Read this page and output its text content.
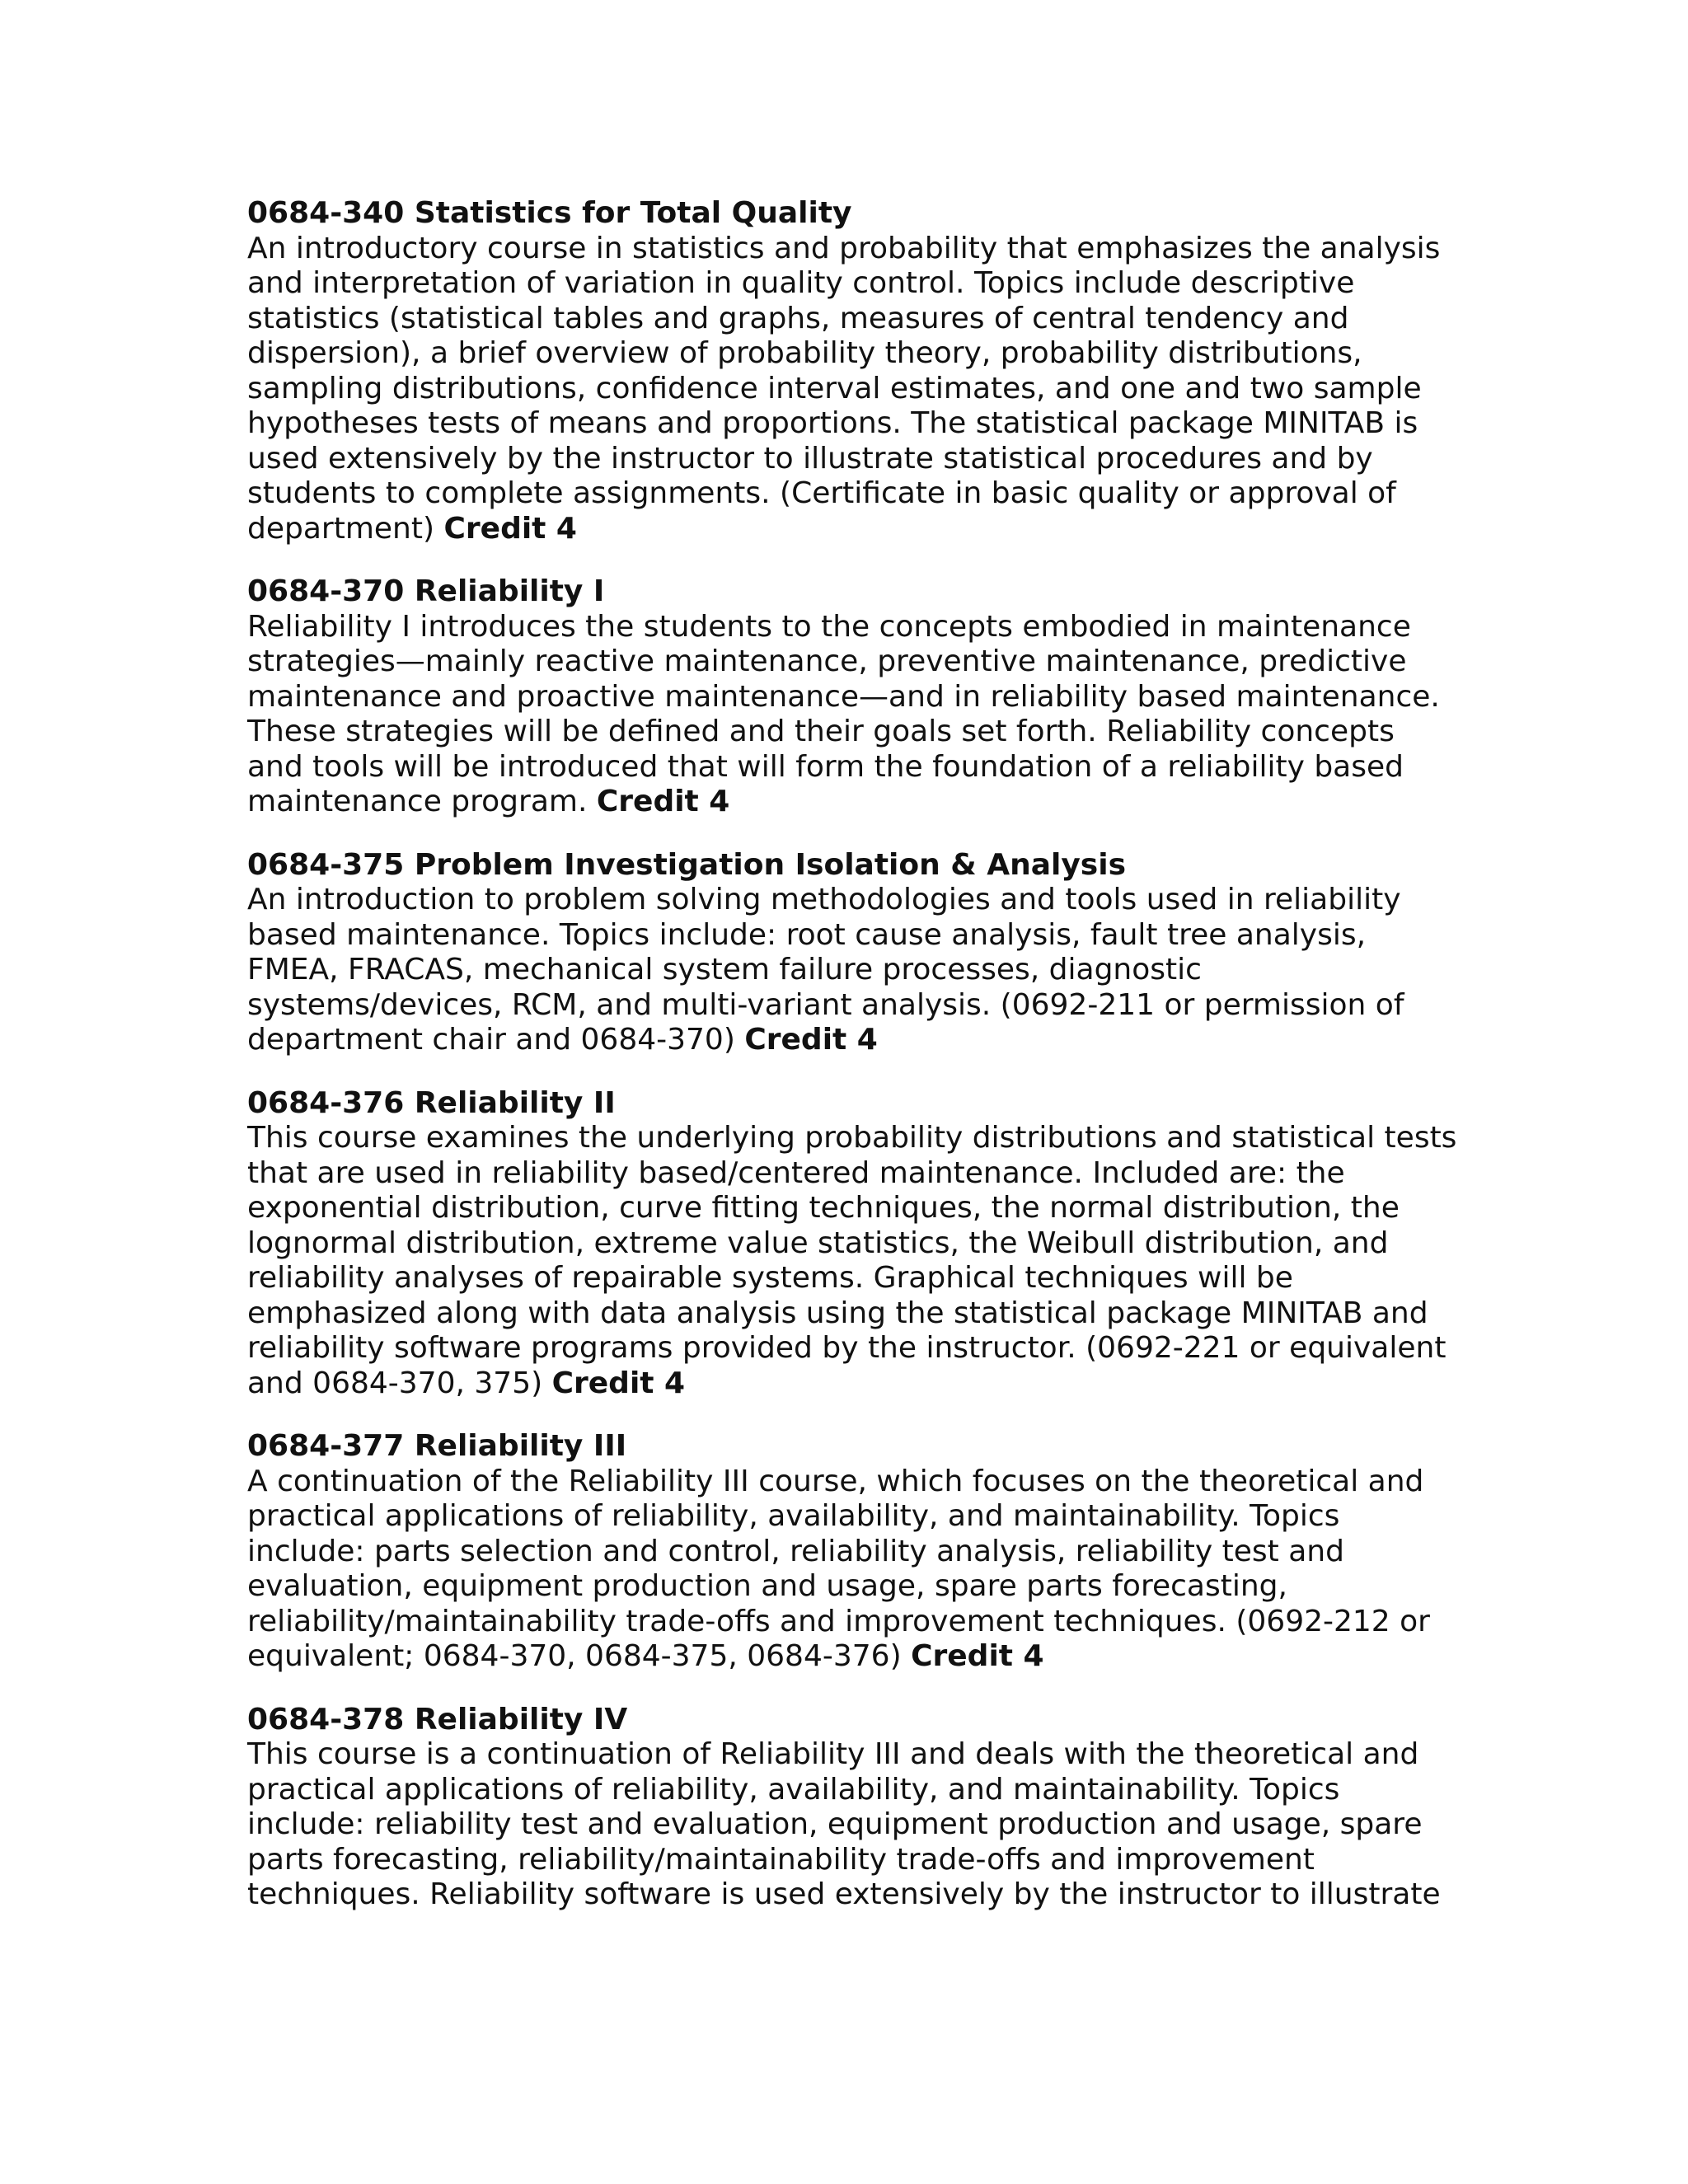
0684-340 Statistics for Total Quality
An introductory course in statistics and probability that emphasizes the analysis and interpretation of variation in quality control. Topics include descriptive statistics (statistical tables and graphs, measures of central tendency and dispersion), a brief overview of probability theory, probability distributions, sampling distributions, confidence interval estimates, and one and two sample hypotheses tests of means and proportions. The statistical package MINITAB is used extensively by the instructor to illustrate statistical procedures and by students to complete assignments. (Certificate in basic quality or approval of department) Credit 4
0684-370 Reliability I
Reliability I introduces the students to the concepts embodied in maintenance strategies—mainly reactive maintenance, preventive maintenance, predictive maintenance and proactive maintenance—and in reliability based maintenance. These strategies will be defined and their goals set forth. Reliability concepts and tools will be introduced that will form the foundation of a reliability based maintenance program. Credit 4
0684-375 Problem Investigation Isolation & Analysis
An introduction to problem solving methodologies and tools used in reliability based maintenance. Topics include: root cause analysis, fault tree analysis, FMEA, FRACAS, mechanical system failure processes, diagnostic systems/devices, RCM, and multi-variant analysis. (0692-211 or permission of department chair and 0684-370) Credit 4
0684-376 Reliability II
This course examines the underlying probability distributions and statistical tests that are used in reliability based/centered maintenance. Included are: the exponential distribution, curve fitting techniques, the normal distribution, the lognormal distribution, extreme value statistics, the Weibull distribution, and reliability analyses of repairable systems. Graphical techniques will be emphasized along with data analysis using the statistical package MINITAB and reliability software programs provided by the instructor. (0692-221 or equivalent and 0684-370, 375) Credit 4
0684-377 Reliability III
A continuation of the Reliability III course, which focuses on the theoretical and practical applications of reliability, availability, and maintainability. Topics include: parts selection and control, reliability analysis, reliability test and evaluation, equipment production and usage, spare parts forecasting, reliability/maintainability trade-offs and improvement techniques. (0692-212 or equivalent; 0684-370, 0684-375, 0684-376) Credit 4
0684-378 Reliability IV
This course is a continuation of Reliability III and deals with the theoretical and practical applications of reliability, availability, and maintainability. Topics include: reliability test and evaluation, equipment production and usage, spare parts forecasting, reliability/maintainability trade-offs and improvement techniques. Reliability software is used extensively by the instructor to illustrate
